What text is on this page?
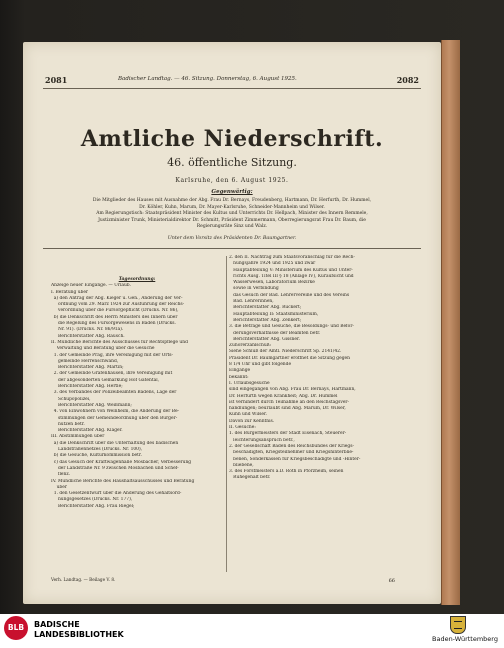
2081	Badischer Landtag. — 46. Sitzung. Donnerstag, 6. August 1925.	2082
Amtliche Niederschrift.
46. öffentliche Sitzung.
Karlsruhe, den 6. August 1925.
Gegenwärtig:
Die Mitglieder des Hauses mit Ausnahme der Abg. Frau Dr. Bernays, Freudenberg, Hartmann, Dr. Herfurth, Dr. Hummel,
Dr. Köhler, Kuhn, Marum, Dr. Mayer-Karlsruhe, Schneider-Mannheim und Wilser.
Am Regierungstisch: Staatspräsident Minister des Kultus und Unterrichts Dr. Hellpach, Minister des Innern Remmele,
Justizminister Trunk, Ministerialdirektor Dr. Schmitt, Präsident Zimmermann, Oberregierungsrat Frau Dr. Baum, die
Regierungsräte Sinz und Walz.
Unter dem Vorsitz des Präsidenten Dr. Baumgartner.
Tagesordnung:
Anzeige neuer Eingänge. — Urlaub.
I. Beratung über
a) den Antrag der Abg. Kieger u. Gen., Änderung der Ver-
ordnung vom 29. März 1924 zur Ausführung der Reichs-
verordnung über die Fürsorgepflicht (Drucks. Nr. 86),
b) die Denkschrift des Herrn Ministers des Innern über
die Regelung des Fürsorgewesens in Baden (Drucks.
Nr. 91). (Drucks. Nr. 86/91a).
Berichterstatter Abg. Rausch.
II. Mündliche Berichte des Ausschusses für Rechtspflege und
Verwaltung und Beratung über die Gesuche
1. der Gemeinde Prag, ihre Vereinigung mit der Orts-
gemeinde Herrenschwand,
Berichterstatter Abg. Martin;
2. der Gemeinde Grafenhausen, ihre Vereinigung mit
der abgesonderten Gemarkung Hof Gatental,
Berichterstatter Abg. Hertle;
3. des Verbandes der Polizeibeamten Badens, Lage der
Schupopolizei,
Berichterstatter Abg. Weißmann;
4. von Einwohnern von Weinheim, die Änderung der Be-
stimmungen der Gemeindeordnung über den Bürger-
nutzen betr.
Berichterstatter Abg. Kläger.
III. Abstimmungen über
a) die Denkschrift über die Unterhaltung des badischen
Landstraßennetzes (Drucks. Nr. 100),
b) die Gesuche, Kulturkommission betr.
c) das Gesuch der Kraftwagenhalle Mosbacher, Verbesserung
der Landstraße Nr. 9 zwischen Mosbachen und Schef-
flenz.
IV. Mündliche Berichte des Haushaltsausschusses und Beratung
über
1. den Gesetzentwurf über die Änderung des Gehaltsord-
nungsgesetzes (Drucks. Nr. 177),
Berichterstatter Abg. Frau Riegel;
2. den II. Nachtrag zum Staatsvoranschlag für die Rech-
nungsjahre 1924 und 1925 und zwar
Hauptabteilung V: Ministerium des Kultus und Unter-
richts Ausg. Titel III § 18 (Anlage IV), Kuraufsicht und
Wasserwesen, Laboratorium Bezirke
sowie in Verbindung
das Gesuch der Bad. Lehrervereine und des Vereins
Bad. Lehrerinnen,
Berichterstatter Abg. Rückert;
Hauptabteilung II: Staatsministerium,
Berichterstatter Abg. Zenkert;
3. die Beträge und Gesuche, die Besoldungs- und Beför-
derungsverhältnisse der Beamten betr.
Berichterstatter Abg. Gissner.
Zuhörerzahlschuß:
Siehe Schluß der Amtl. Niederschrift Sp. 2141/42.
Präsident Dr. Baumgartner eröffnet die Sitzung gegen
8 1/4 Uhr und gibt folgende
Eingänge
bekannt:
I. Urlaubsgesuche
sind eingegangen von Abg. Frau Dr. Bernays, Hartmann,
Dr. Herfurth wegen Krankheit; Abg. Dr. Hummel
ist verhindert durch Teilnahme an den Reichstagsver-
handlungen; beurlaubt sind Abg. Marum, Dr. Wilser,
Kuhn und Wilser.
Davon zur Kenntnis.
II. Gesuche:
1. des Bürgermeisters der Stadt Eisenach, Steuerer-
leichterungsanspruch betr.,
2. der Gesellschaft Baden des Reichsbundes der Kriegs-
beschädigten, Kriegsteilnehmer und Kriegshinterblie-
benen, Sonderkassen für Kriegsbeschädigte und -Hinter-
bliebene,
3. des Forstmeisters a.D. Roth in Pforzheim, seinen
Ruhegehalt betr.
Verh. Landtag. — Beilage V. 8.	66
BLB	BADISCHE
LANDESBIBLIOTHEK	Baden-Württemberg
